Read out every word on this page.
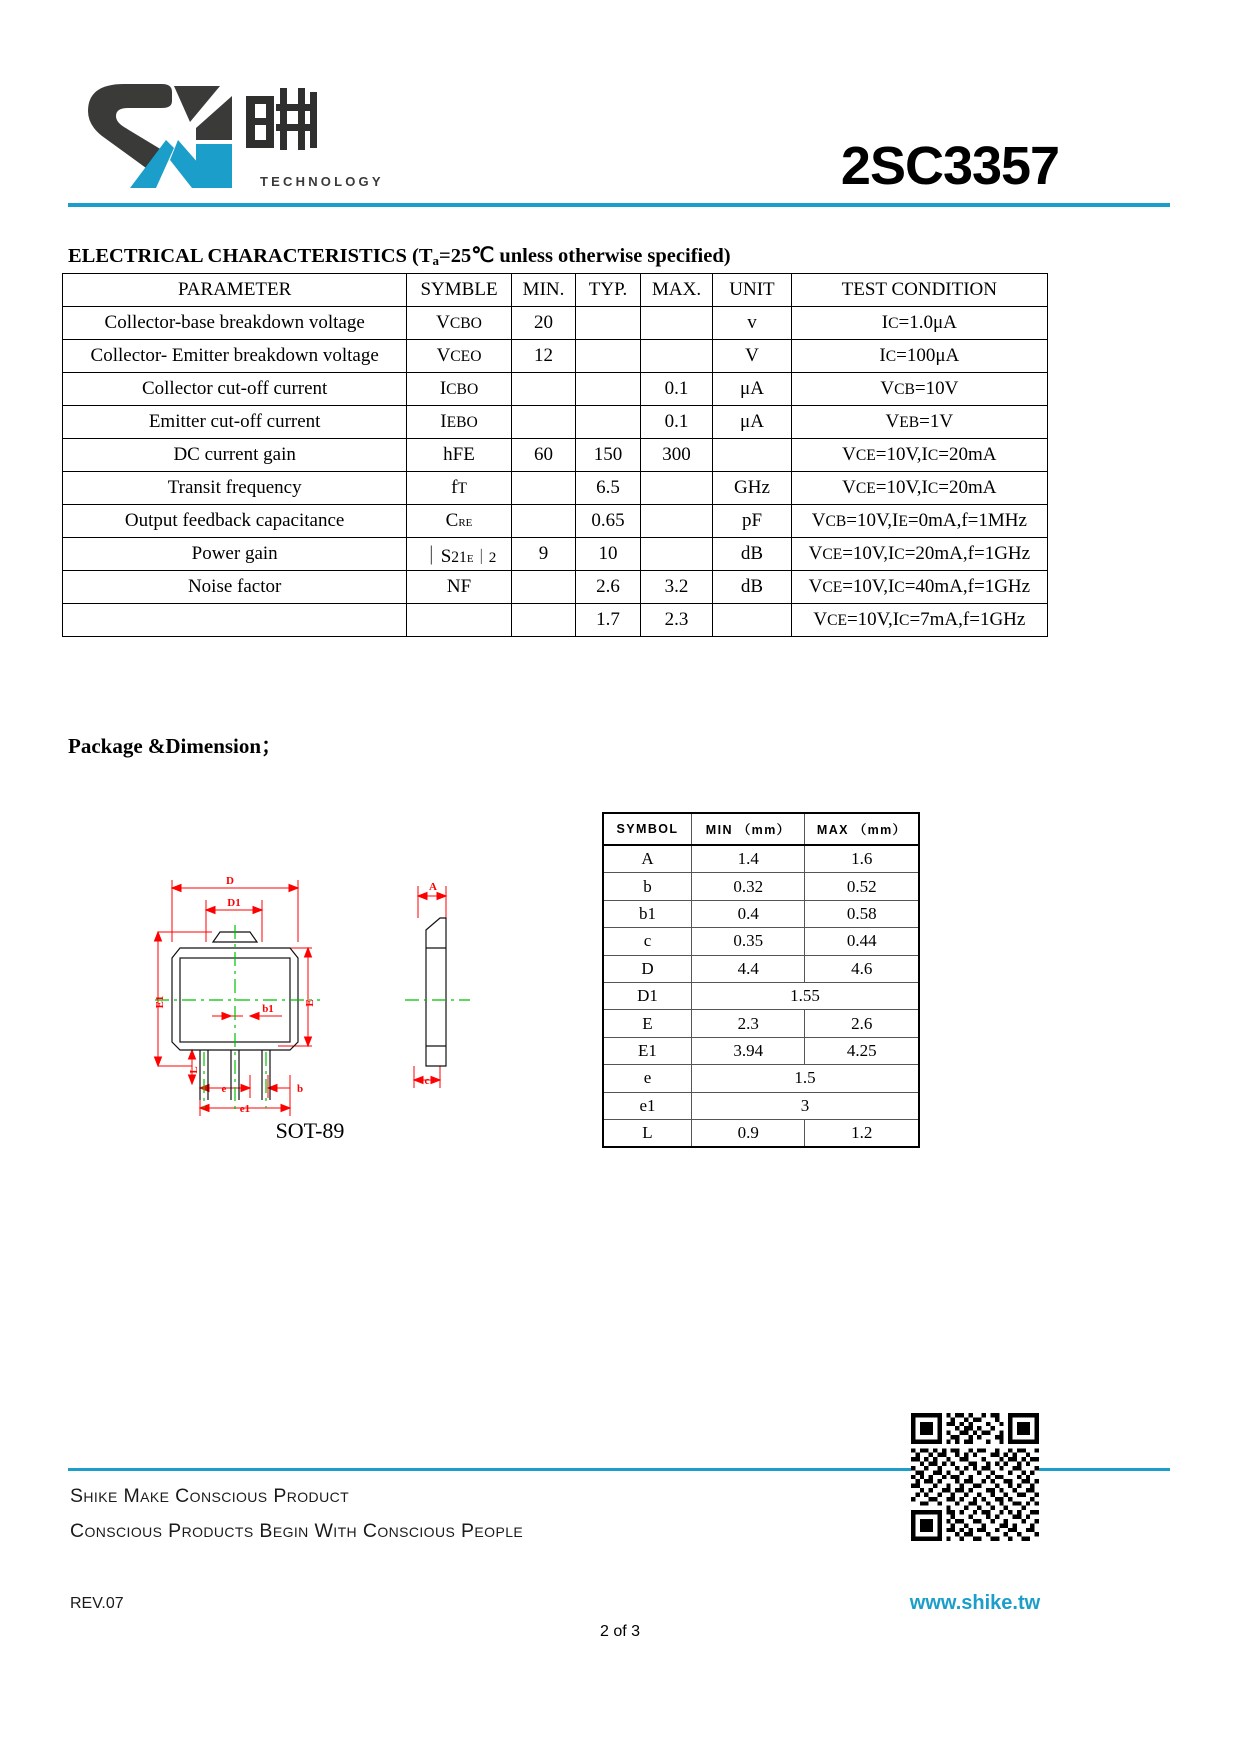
TECHNOLOGY	2SC3357
ELECTRICAL CHARACTERISTICS ($T_a=25℃$ unless otherwise specified)
PARAMETER	SYMBLE	MIN.	TYP.	MAX.	UNIT	TEST CONDITION
Collector-base breakdown voltage	VCBO	20			v	IC=1.0μA
Collector- Emitter breakdown voltage	VCEO	12			V	IC=100μA
Collector cut-off current	ICBO			0.1	μA	VCB=10V
Emitter cut-off current	IEBO			0.1	μA	VEB=1V
DC current gain	hFE	60	150	300		VCE=10V,IC=20mA
Transit frequency	fT		6.5		GHz	VCE=10V,IC=20mA
Output feedback capacitance	Cre		0.65		pF	VCB=10V,IE=0mA,f=1MHz
Power gain	｜S21e｜2	9	10		dB	VCE=10V,IC=20mA,f=1GHz
Noise factor	NF		2.6	3.2	dB	VCE=10V,IC=40mA,f=1GHz
			1.7	2.3		VCE=10V,IC=7mA,f=1GHz
Package &Dimension；
D
D1
E
E1
L
e
e1
b
b1
A
c
SOT-89
SYMBOL	MIN （mm）	MAX （mm）
A	1.4	1.6
b	0.32	0.52
b1	0.4	0.58
c	0.35	0.44
D	4.4	4.6
D1	1.55	
E	2.3	2.6
E1	3.94	4.25
e	1.5	
e1	3	
L	0.9	1.2
Shike Make Conscious Product
Conscious Products Begin With Conscious People
REV.07
2 of 3
www.shike.tw
